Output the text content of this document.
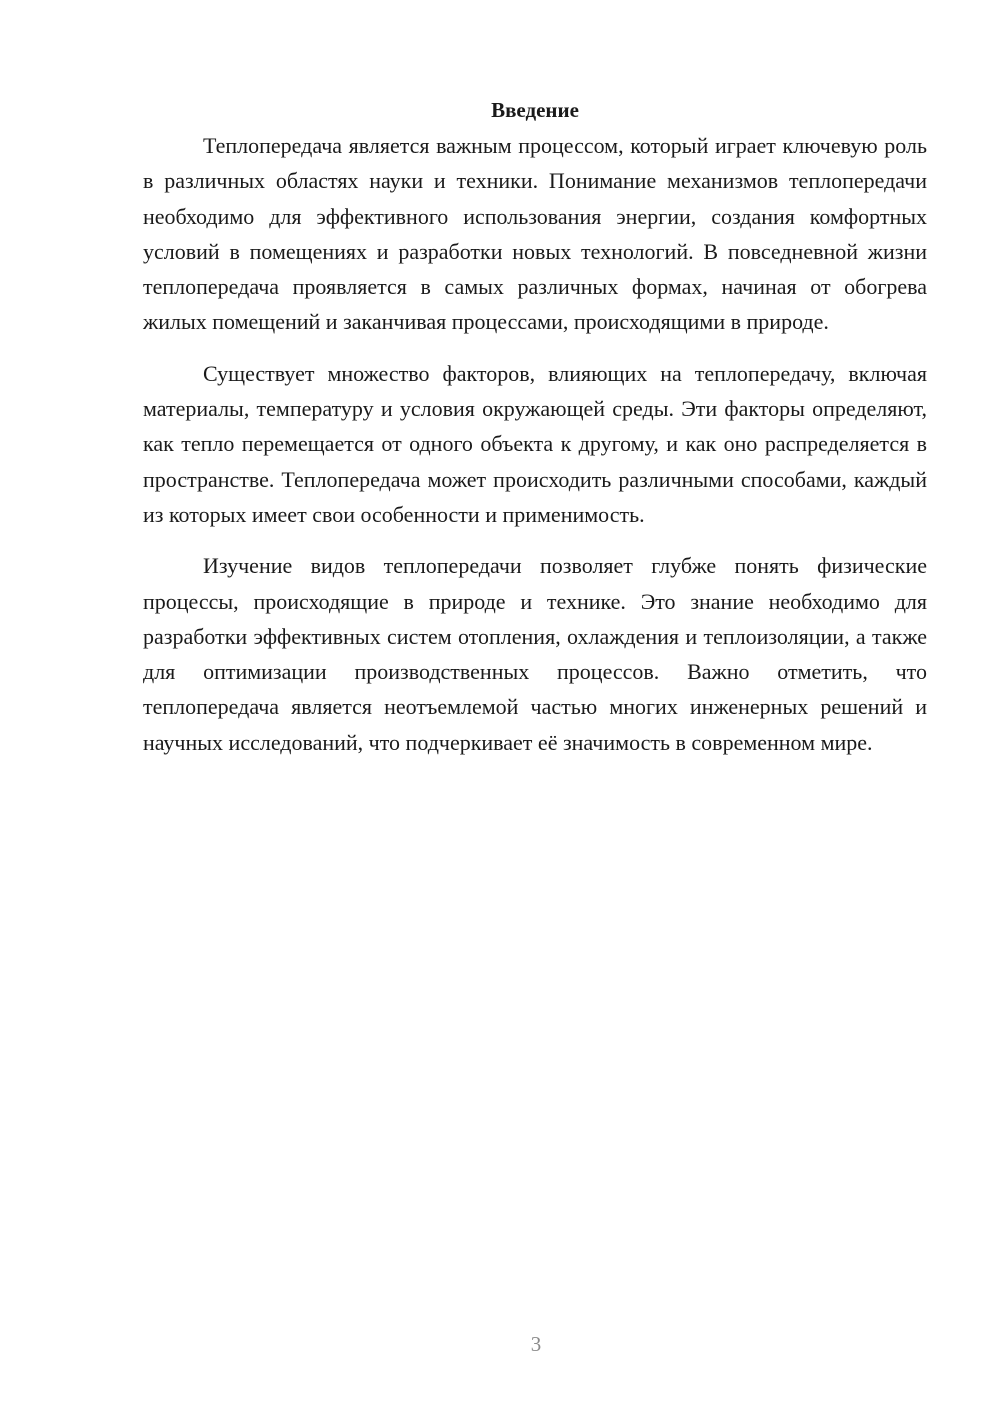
Введение

Теплопередача является важным процессом, который играет ключевую роль в различных областях науки и техники. Понимание механизмов теплопередачи необходимо для эффективного использования энергии, создания комфортных условий в помещениях и разработки новых технологий. В повседневной жизни теплопередача проявляется в самых различных формах, начиная от обогрева жилых помещений и заканчивая процессами, происходящими в природе.

Существует множество факторов, влияющих на теплопередачу, включая материалы, температуру и условия окружающей среды. Эти факторы определяют, как тепло перемещается от одного объекта к другому, и как оно распределяется в пространстве. Теплопередача может происходить различными способами, каждый из которых имеет свои особенности и применимость.

Изучение видов теплопередачи позволяет глубже понять физические процессы, происходящие в природе и технике. Это знание необходимо для разработки эффективных систем отопления, охлаждения и теплоизоляции, а также для оптимизации производственных процессов. Важно отметить, что теплопередача является неотъемлемой частью многих инженерных решений и научных исследований, что подчеркивает её значимость в современном мире.

3
